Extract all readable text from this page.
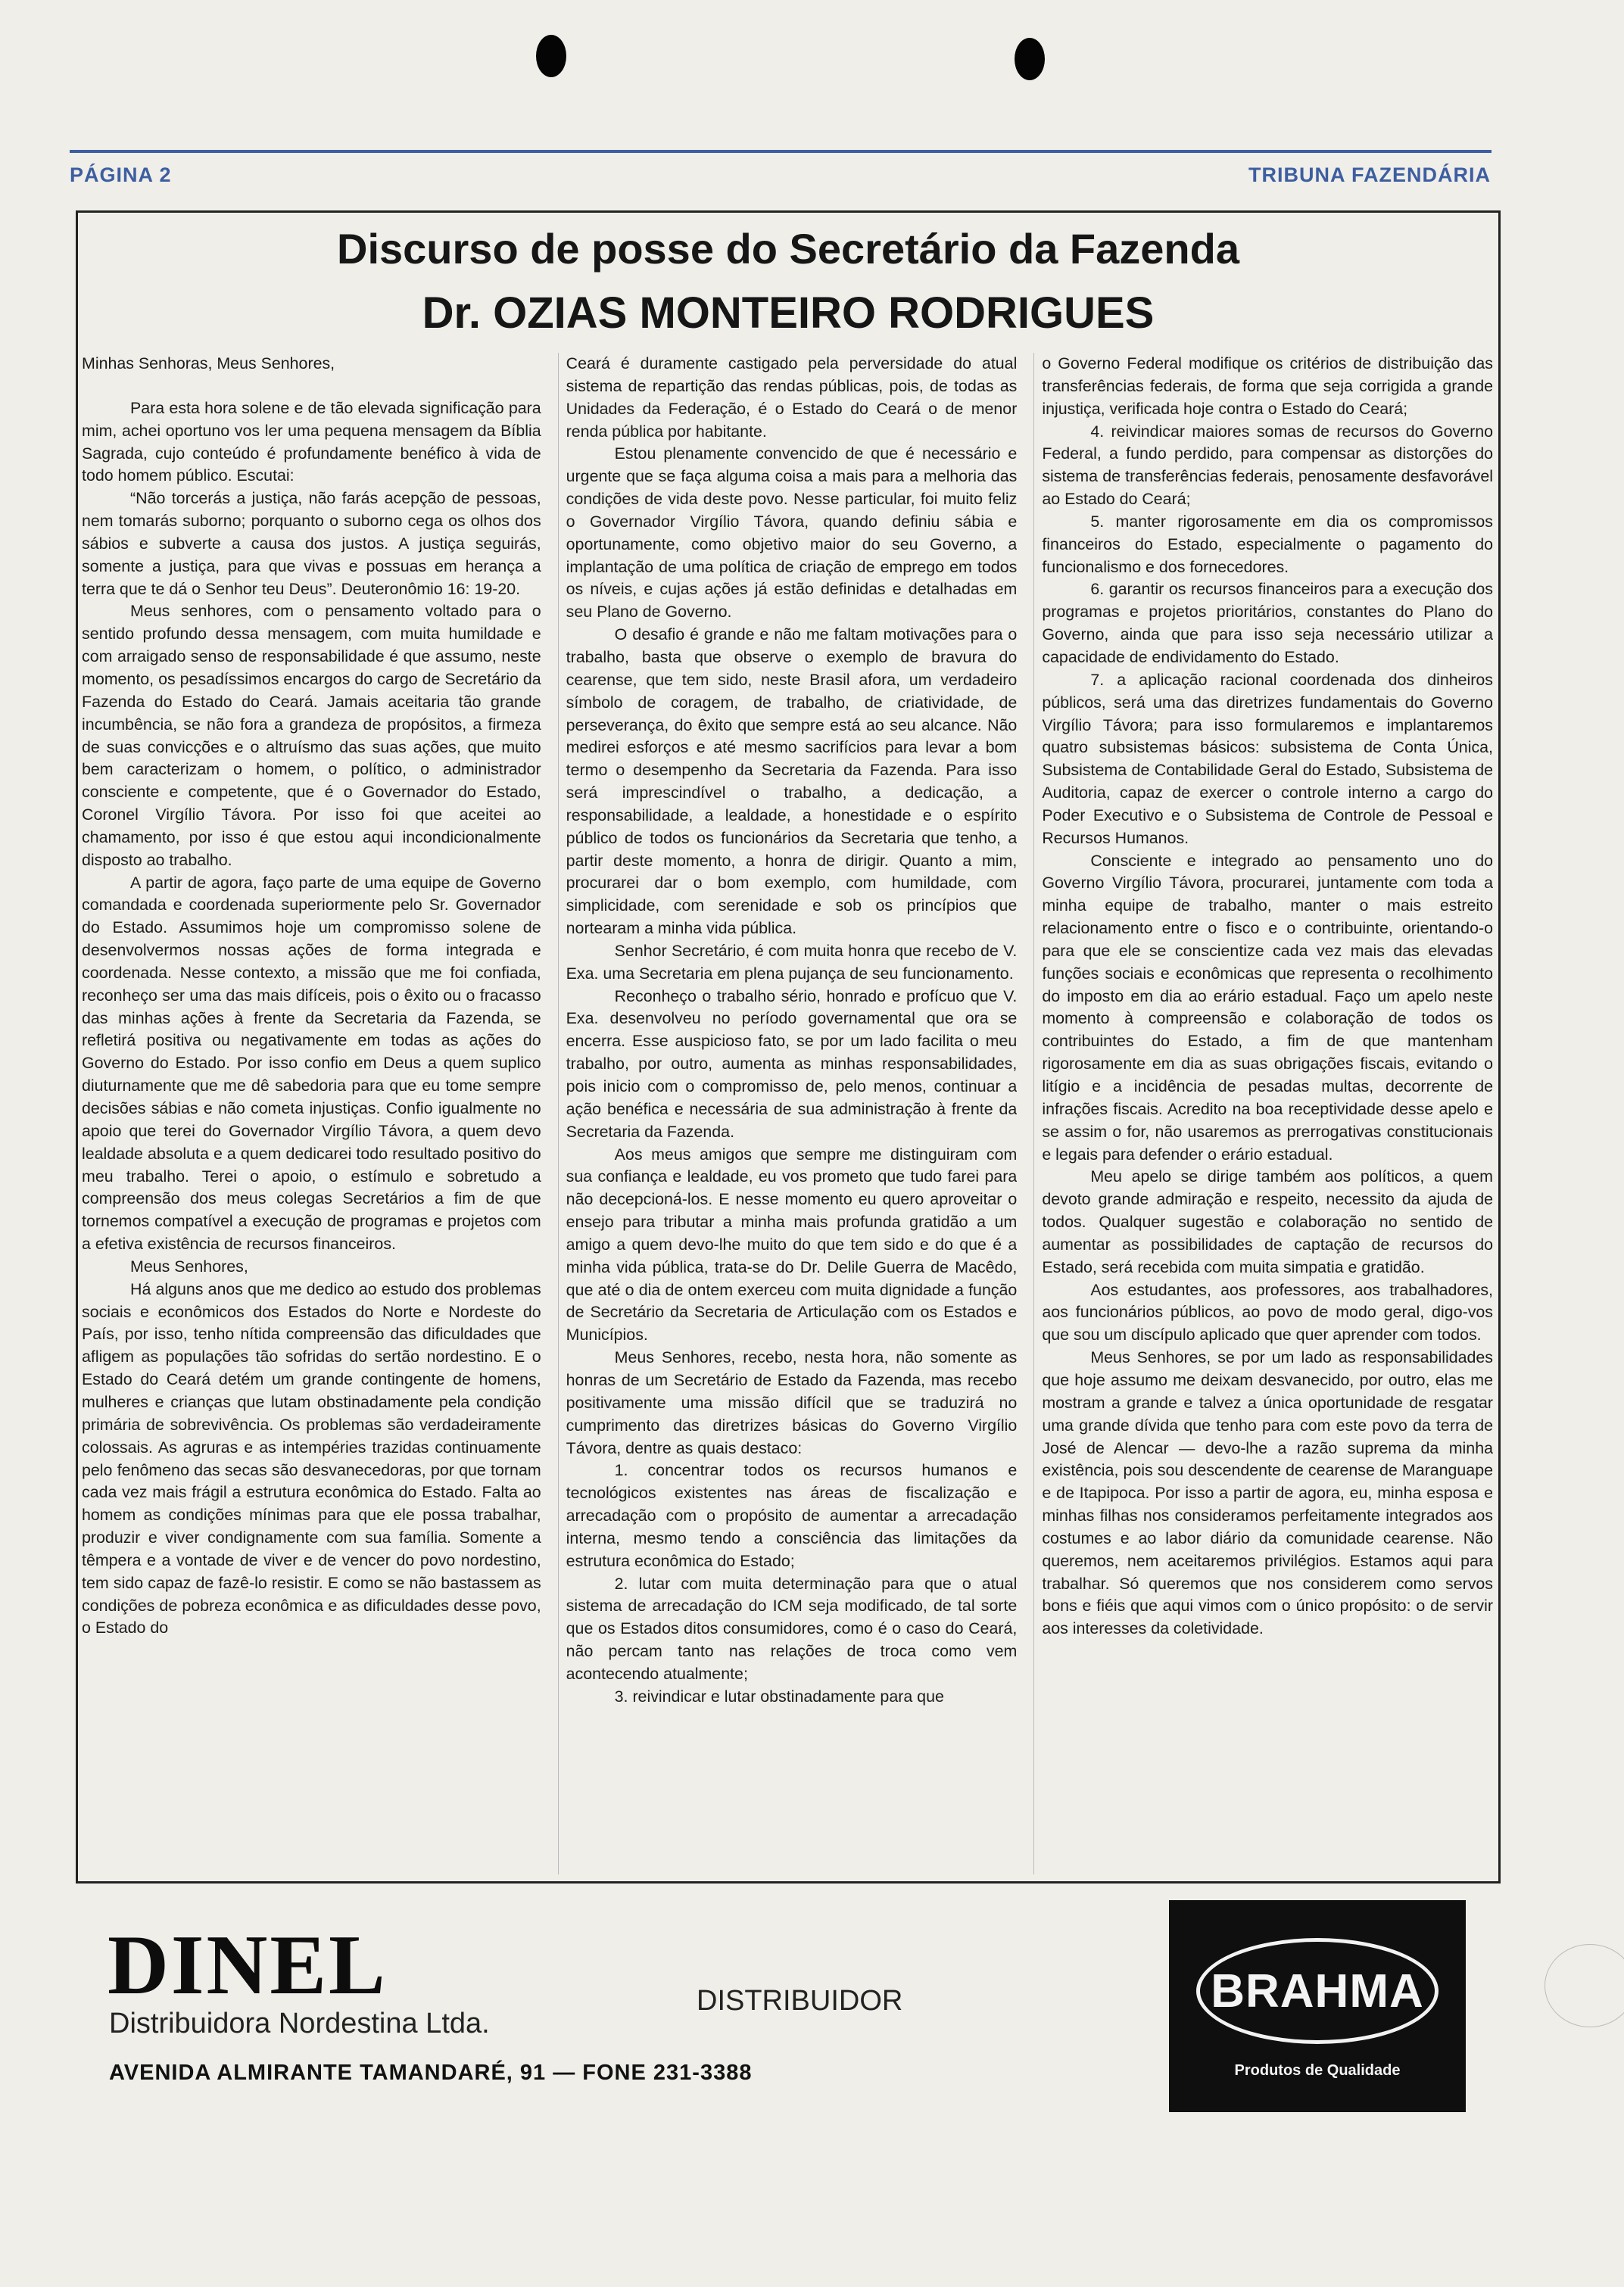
PÁGINA 2	TRIBUNA FAZENDÁRIA
Discurso de posse do Secretário da Fazenda
Dr. OZIAS MONTEIRO RODRIGUES

Minhas Senhoras, Meus Senhores,

Para esta hora solene e de tão elevada significação para mim, achei oportuno vos ler uma pequena mensagem da Bíblia Sagrada, cujo conteúdo é profundamente benéfico à vida de todo homem público. Escutai:

“Não torcerás a justiça, não farás acepção de pessoas, nem tomarás suborno; porquanto o suborno cega os olhos dos sábios e subverte a causa dos justos. A justiça seguirás, somente a justiça, para que vivas e possuas em herança a terra que te dá o Senhor teu Deus”. Deuteronômio 16: 19-20.

Meus senhores, com o pensamento voltado para o sentido profundo dessa mensagem, com muita humildade e com arraigado senso de responsabilidade é que assumo, neste momento, os pesadíssimos encargos do cargo de Secretário da Fazenda do Estado do Ceará. Jamais aceitaria tão grande incumbência, se não fora a grandeza de propósitos, a firmeza de suas convicções e o altruísmo das suas ações, que muito bem caracterizam o homem, o político, o administrador consciente e competente, que é o Governador do Estado, Coronel Virgílio Távora. Por isso foi que aceitei ao chamamento, por isso é que estou aqui incondicionalmente disposto ao trabalho.

A partir de agora, faço parte de uma equipe de Governo comandada e coordenada superiormente pelo Sr. Governador do Estado. Assumimos hoje um compromisso solene de desenvolvermos nossas ações de forma integrada e coordenada. Nesse contexto, a missão que me foi confiada, reconheço ser uma das mais difíceis, pois o êxito ou o fracasso das minhas ações à frente da Secretaria da Fazenda, se refletirá positiva ou negativamente em todas as ações do Governo do Estado. Por isso confio em Deus a quem suplico diuturnamente que me dê sabedoria para que eu tome sempre decisões sábias e não cometa injustiças. Confio igualmente no apoio que terei do Governador Virgílio Távora, a quem devo lealdade absoluta e a quem dedicarei todo resultado positivo do meu trabalho. Terei o apoio, o estímulo e sobretudo a compreensão dos meus colegas Secretários a fim de que tornemos compatível a execução de programas e projetos com a efetiva existência de recursos financeiros.

Meus Senhores,

Há alguns anos que me dedico ao estudo dos problemas sociais e econômicos dos Estados do Norte e Nordeste do País, por isso, tenho nítida compreensão das dificuldades que afligem as populações tão sofridas do sertão nordestino. E o Estado do Ceará detém um grande contingente de homens, mulheres e crianças que lutam obstinadamente pela condição primária de sobrevivência. Os problemas são verdadeiramente colossais. As agruras e as intempéries trazidas continuamente pelo fenômeno das secas são desvanecedoras, por que tornam cada vez mais frágil a estrutura econômica do Estado. Falta ao homem as condições mínimas para que ele possa trabalhar, produzir e viver condignamente com sua família. Somente a têmpera e a vontade de viver e de vencer do povo nordestino, tem sido capaz de fazê-lo resistir. E como se não bastassem as condições de pobreza econômica e as dificuldades desse povo, o Estado do

Ceará é duramente castigado pela perversidade do atual sistema de repartição das rendas públicas, pois, de todas as Unidades da Federação, é o Estado do Ceará o de menor renda pública por habitante.

Estou plenamente convencido de que é necessário e urgente que se faça alguma coisa a mais para a melhoria das condições de vida deste povo. Nesse particular, foi muito feliz o Governador Virgílio Távora, quando definiu sábia e oportunamente, como objetivo maior do seu Governo, a implantação de uma política de criação de emprego em todos os níveis, e cujas ações já estão definidas e detalhadas em seu Plano de Governo.

O desafio é grande e não me faltam motivações para o trabalho, basta que observe o exemplo de bravura do cearense, que tem sido, neste Brasil afora, um verdadeiro símbolo de coragem, de trabalho, de criatividade, de perseverança, do êxito que sempre está ao seu alcance. Não medirei esforços e até mesmo sacrifícios para levar a bom termo o desempenho da Secretaria da Fazenda. Para isso será imprescindível o trabalho, a dedicação, a responsabilidade, a lealdade, a honestidade e o espírito público de todos os funcionários da Secretaria que tenho, a partir deste momento, a honra de dirigir. Quanto a mim, procurarei dar o bom exemplo, com humildade, com simplicidade, com serenidade e sob os princípios que nortearam a minha vida pública.

Senhor Secretário, é com muita honra que recebo de V. Exa. uma Secretaria em plena pujança de seu funcionamento.

Reconheço o trabalho sério, honrado e profícuo que V. Exa. desenvolveu no período governamental que ora se encerra. Esse auspicioso fato, se por um lado facilita o meu trabalho, por outro, aumenta as minhas responsabilidades, pois inicio com o compromisso de, pelo menos, continuar a ação benéfica e necessária de sua administração à frente da Secretaria da Fazenda.

Aos meus amigos que sempre me distinguiram com sua confiança e lealdade, eu vos prometo que tudo farei para não decepcioná-los. E nesse momento eu quero aproveitar o ensejo para tributar a minha mais profunda gratidão a um amigo a quem devo-lhe muito do que tem sido e do que é a minha vida pública, trata-se do Dr. Delile Guerra de Macêdo, que até o dia de ontem exerceu com muita dignidade a função de Secretário da Secretaria de Articulação com os Estados e Municípios.

Meus Senhores, recebo, nesta hora, não somente as honras de um Secretário de Estado da Fazenda, mas recebo positivamente uma missão difícil que se traduzirá no cumprimento das diretrizes básicas do Governo Virgílio Távora, dentre as quais destaco:

1. concentrar todos os recursos humanos e tecnológicos existentes nas áreas de fiscalização e arrecadação com o propósito de aumentar a arrecadação interna, mesmo tendo a consciência das limitações da estrutura econômica do Estado;

2. lutar com muita determinação para que o atual sistema de arrecadação do ICM seja modificado, de tal sorte que os Estados ditos consumidores, como é o caso do Ceará, não percam tanto nas relações de troca como vem acontecendo atualmente;

3. reivindicar e lutar obstinadamente para que

o Governo Federal modifique os critérios de distribuição das transferências federais, de forma que seja corrigida a grande injustiça, verificada hoje contra o Estado do Ceará;

4. reivindicar maiores somas de recursos do Governo Federal, a fundo perdido, para compensar as distorções do sistema de transferências federais, penosamente desfavorável ao Estado do Ceará;

5. manter rigorosamente em dia os compromissos financeiros do Estado, especialmente o pagamento do funcionalismo e dos fornecedores.

6. garantir os recursos financeiros para a execução dos programas e projetos prioritários, constantes do Plano do Governo, ainda que para isso seja necessário utilizar a capacidade de endividamento do Estado.

7. a aplicação racional coordenada dos dinheiros públicos, será uma das diretrizes fundamentais do Governo Virgílio Távora; para isso formularemos e implantaremos quatro subsistemas básicos: subsistema de Conta Única, Subsistema de Contabilidade Geral do Estado, Subsistema de Auditoria, capaz de exercer o controle interno a cargo do Poder Executivo e o Subsistema de Controle de Pessoal e Recursos Humanos.

Consciente e integrado ao pensamento uno do Governo Virgílio Távora, procurarei, juntamente com toda a minha equipe de trabalho, manter o mais estreito relacionamento entre o fisco e o contribuinte, orientando-o para que ele se conscientize cada vez mais das elevadas funções sociais e econômicas que representa o recolhimento do imposto em dia ao erário estadual. Faço um apelo neste momento à compreensão e colaboração de todos os contribuintes do Estado, a fim de que mantenham rigorosamente em dia as suas obrigações fiscais, evitando o litígio e a incidência de pesadas multas, decorrente de infrações fiscais. Acredito na boa receptividade desse apelo e se assim o for, não usaremos as prerrogativas constitucionais e legais para defender o erário estadual.

Meu apelo se dirige também aos políticos, a quem devoto grande admiração e respeito, necessito da ajuda de todos. Qualquer sugestão e colaboração no sentido de aumentar as possibilidades de captação de recursos do Estado, será recebida com muita simpatia e gratidão.

Aos estudantes, aos professores, aos trabalhadores, aos funcionários públicos, ao povo de modo geral, digo-vos que sou um discípulo aplicado que quer aprender com todos.

Meus Senhores, se por um lado as responsabilidades que hoje assumo me deixam desvanecido, por outro, elas me mostram a grande e talvez a única oportunidade de resgatar uma grande dívida que tenho para com este povo da terra de José de Alencar — devo-lhe a razão suprema da minha existência, pois sou descendente de cearense de Maranguape e de Itapipoca. Por isso a partir de agora, eu, minha esposa e minhas filhas nos consideramos perfeitamente integrados aos costumes e ao labor diário da comunidade cearense. Não queremos, nem aceitaremos privilégios. Estamos aqui para trabalhar. Só queremos que nos considerem como servos bons e fiéis que aqui vimos com o único propósito: o de servir aos interesses da coletividade.

DINEL
Distribuidora Nordestina Ltda.
DISTRIBUIDOR
AVENIDA ALMIRANTE TAMANDARÉ, 91 — FONE 231-3388
BRAHMA
Produtos de Qualidade
